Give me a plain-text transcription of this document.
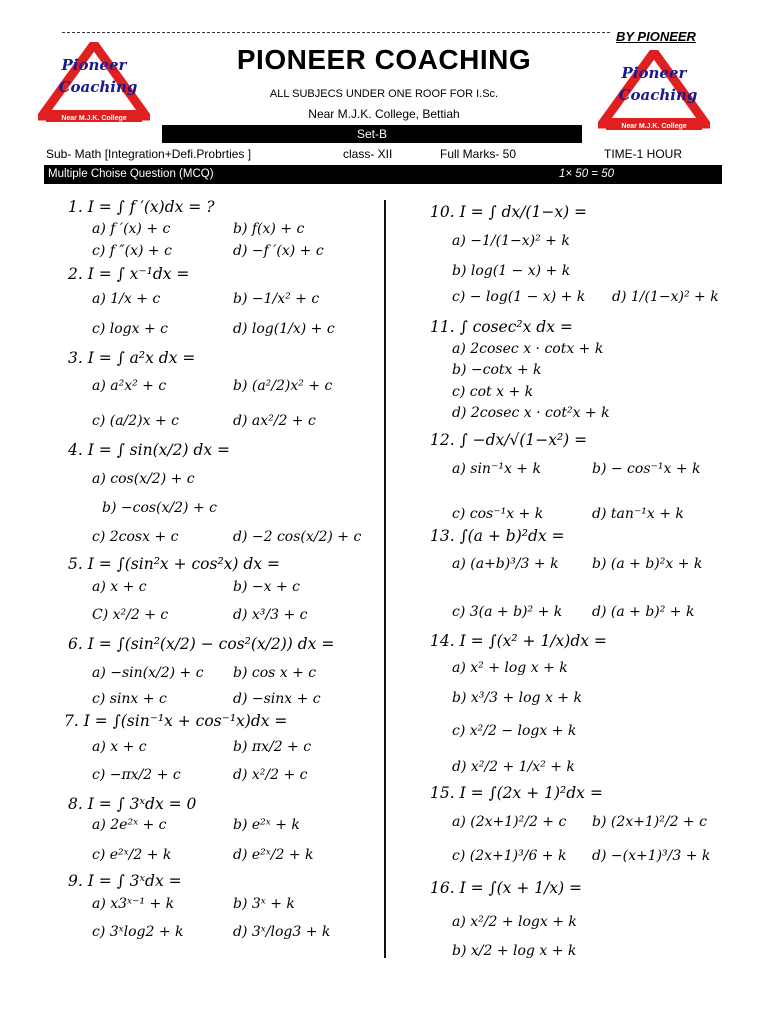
BY PIONEER
Pioneer
Coaching
Near M.J.K. College
Pioneer
Coaching
Near M.J.K. College
PIONEER COACHING
ALL SUBJECS UNDER ONE ROOF FOR I.Sc.
Near M.J.K. College, Bettiah
Set-B
Sub- Math [Integration+Defi.Probrties ]	class- XII	Full Marks- 50	TIME-1 HOUR
Multiple Choise Question (MCQ)	1× 50 = 50
1. I = ∫ f ′(x)dx = ?
a) f ′(x) + c	b) f(x) + c
c) f ″(x) + c	d) −f ′(x) + c
2. I = ∫ x⁻¹dx =
a) 1/x + c	b) −1/x² + c
c) logx + c	d) log(1/x) + c
3. I = ∫ a²x dx =
a) a²x² + c	b) (a²/2)x² + c
c) (a/2)x + c	d) ax²/2 + c
4. I = ∫ sin(x/2) dx =
a) cos(x/2) + c
b) −cos(x/2) + c
c) 2cosx + c	d) −2 cos(x/2) + c
5. I = ∫(sin²x + cos²x) dx =
a) x + c	b) −x + c
C) x²/2 + c	d) x³/3 + c
6. I = ∫(sin²(x/2) − cos²(x/2)) dx =
a) −sin(x/2) + c b) cos x + c
c) sinx + c	d) −sinx + c
7. I = ∫(sin⁻¹x + cos⁻¹x)dx =
a) x + c	b) πx/2 + c
c) −πx/2 + c	d) x²/2 + c
8. I = ∫ 3ˣdx = 0
a) 2e²ˣ + c	b) e²ˣ + k
c) e²ˣ/2 + k	d) e²ˣ/2 + k
9. I = ∫ 3ˣdx =
a) x3ˣ⁻¹ + k	b) 3ˣ + k
c) 3ˣlog2 + k	d) 3ˣ/log3 + k
10. I = ∫ dx/(1−x) =
a) −1/(1−x)² + k
b) log(1 − x) + k
c) − log(1 − x) + k d) 1/(1−x)² + k
11. ∫ cosec²x dx =
a) 2cosec x · cotx + k
b) −cotx + k
c) cot x + k
d) 2cosec x · cot²x + k
12. ∫ −dx/√(1−x²) =
a) sin⁻¹x + k	b) − cos⁻¹x + k
c) cos⁻¹x + k	d) tan⁻¹x + k
13. ∫(a + b)²dx =
a) (a+b)³/3 + k b) (a + b)²x + k
c) 3(a + b)² + k d) (a + b)² + k
14. I = ∫(x² + 1/x)dx =
a) x² + log x + k
b) x³/3 + log x + k
c) x²/2 − logx + k
d) x²/2 + 1/x² + k
15. I = ∫(2x + 1)²dx =
a) (2x+1)²/2 + c b) (2x+1)²/2 + c
c) (2x+1)³/6 + k d) −(x+1)³/3 + k
16. I = ∫(x + 1/x) =
a) x²/2 + logx + k
b) x/2 + log x + k
